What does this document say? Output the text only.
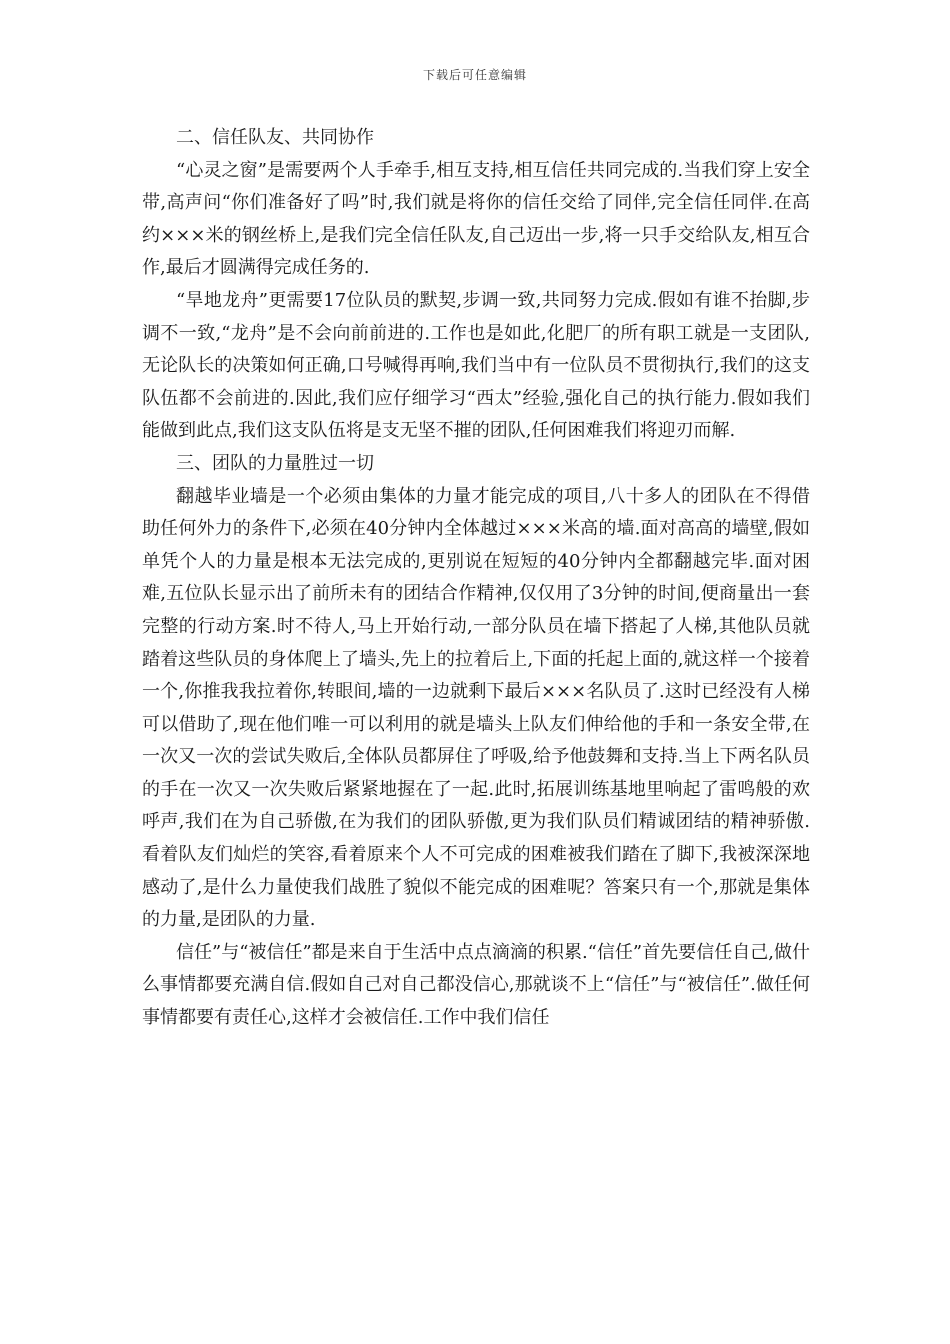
下载后可任意编辑

二、信任队友、共同协作

“心灵之窗”是需要两个人手牵手,相互支持,相互信任共同完成的.当我们穿上安全带,高声问“你们准备好了吗”时,我们就是将你的信任交给了同伴,完全信任同伴.在高约×××米的钢丝桥上,是我们完全信任队友,自己迈出一步,将一只手交给队友,相互合作,最后才圆满得完成任务的.

“旱地龙舟”更需要17位队员的默契,步调一致,共同努力完成.假如有谁不抬脚,步调不一致,“龙舟”是不会向前前进的.工作也是如此,化肥厂的所有职工就是一支团队,无论队长的决策如何正确,口号喊得再响,我们当中有一位队员不贯彻执行,我们的这支队伍都不会前进的.因此,我们应仔细学习“西太”经验,强化自己的执行能力.假如我们能做到此点,我们这支队伍将是支无坚不摧的团队,任何困难我们将迎刃而解.

三、团队的力量胜过一切

翻越毕业墙是一个必须由集体的力量才能完成的项目,八十多人的团队在不得借助任何外力的条件下,必须在40分钟内全体越过×××米高的墙.面对高高的墙壁,假如单凭个人的力量是根本无法完成的,更别说在短短的40分钟内全都翻越完毕.面对困难,五位队长显示出了前所未有的团结合作精神,仅仅用了3分钟的时间,便商量出一套完整的行动方案.时不待人,马上开始行动,一部分队员在墙下搭起了人梯,其他队员就踏着这些队员的身体爬上了墙头,先上的拉着后上,下面的托起上面的,就这样一个接着一个,你推我我拉着你,转眼间,墙的一边就剩下最后×××名队员了.这时已经没有人梯可以借助了,现在他们唯一可以利用的就是墙头上队友们伸给他的手和一条安全带,在一次又一次的尝试失败后,全体队员都屏住了呼吸,给予他鼓舞和支持.当上下两名队员的手在一次又一次失败后紧紧地握在了一起.此时,拓展训练基地里响起了雷鸣般的欢呼声,我们在为自己骄傲,在为我们的团队骄傲,更为我们队员们精诚团结的精神骄傲.看着队友们灿烂的笑容,看着原来个人不可完成的困难被我们踏在了脚下,我被深深地感动了,是什么力量使我们战胜了貌似不能完成的困难呢？答案只有一个,那就是集体的力量,是团队的力量.

信任”与“被信任”都是来自于生活中点点滴滴的积累.“信任”首先要信任自己,做什么事情都要充满自信.假如自己对自己都没信心,那就谈不上“信任”与“被信任”.做任何事情都要有责任心,这样才会被信任.工作中我们信任
